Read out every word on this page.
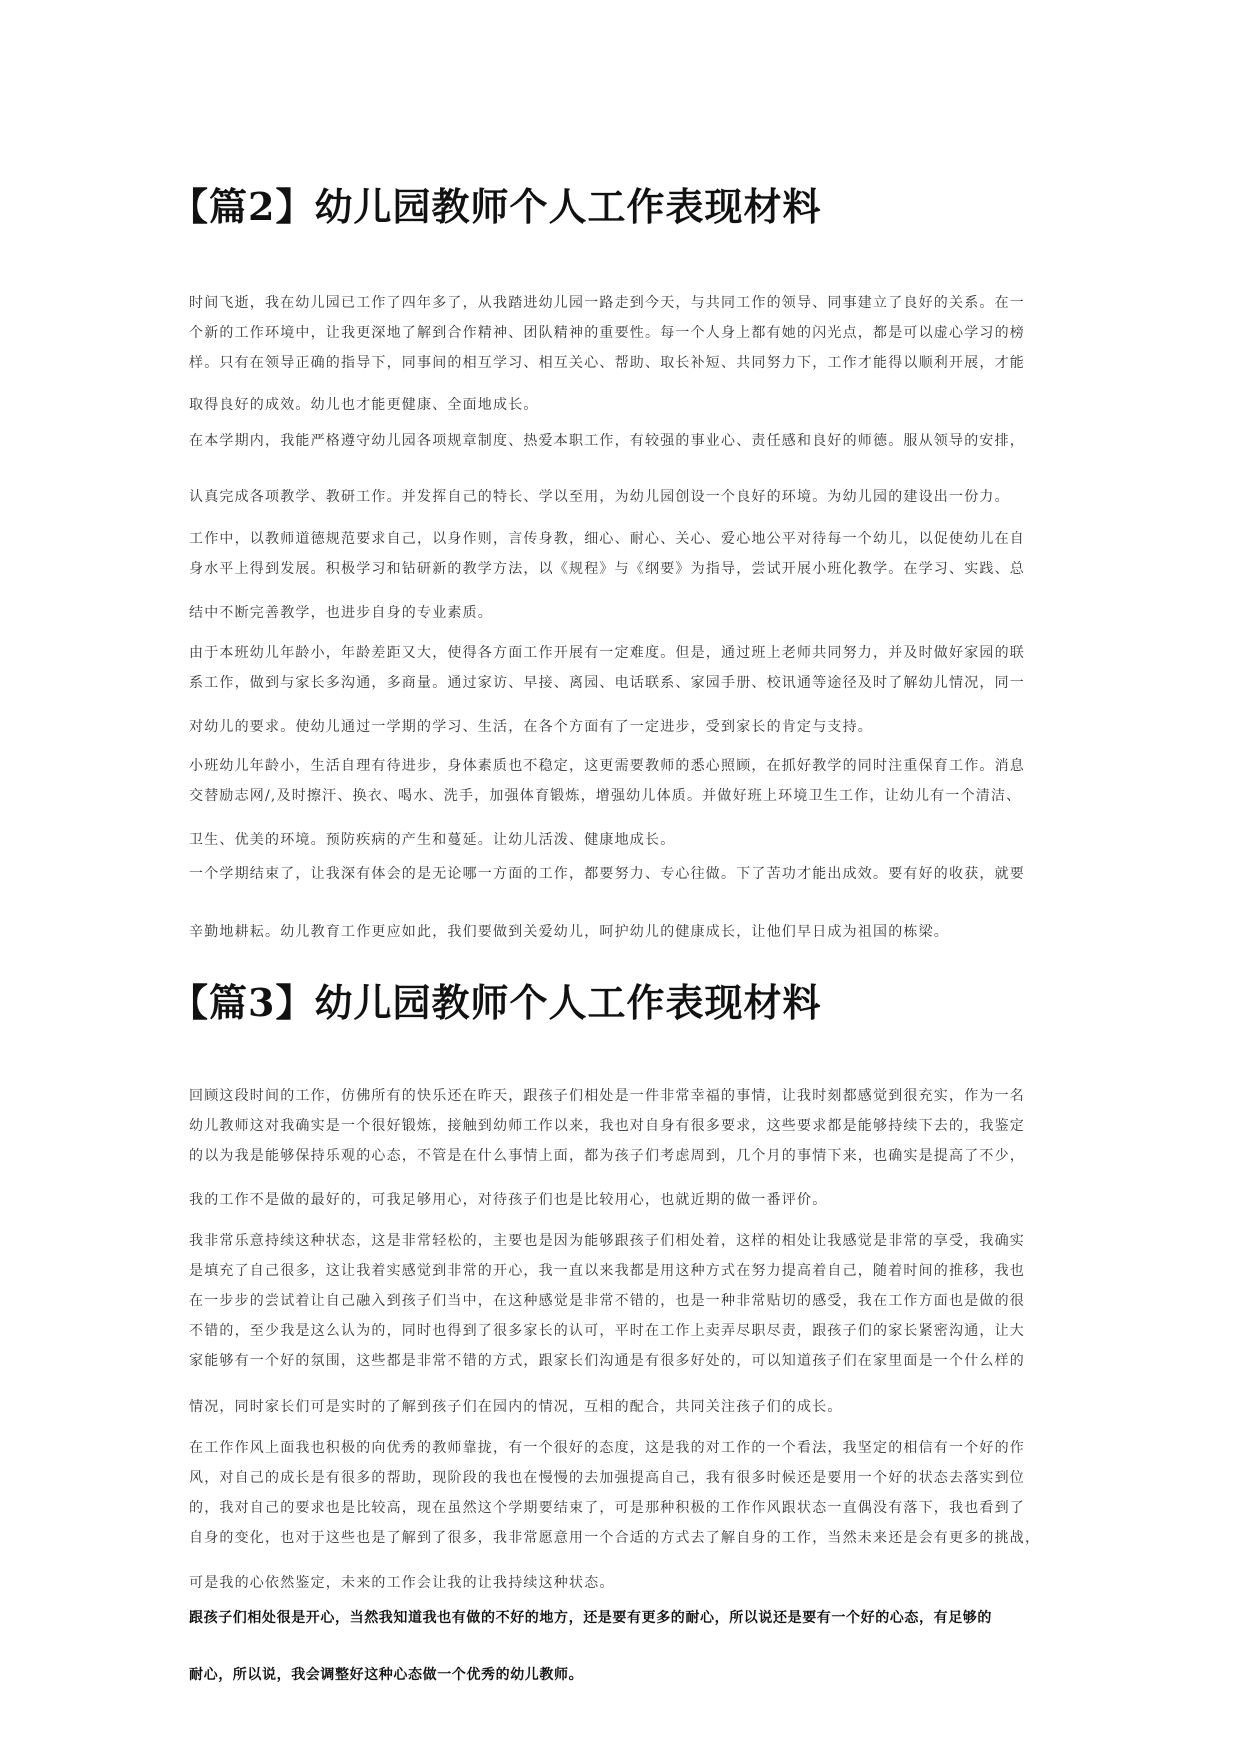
【篇2】幼儿园教师个人工作表现材料
时间飞逝，我在幼儿园已工作了四年多了，从我踏进幼儿园一路走到今天，与共同工作的领导、同事建立了良好的关系。在一
个新的工作环境中，让我更深地了解到合作精神、团队精神的重要性。每一个人身上都有她的闪光点，都是可以虚心学习的榜
样。只有在领导正确的指导下，同事间的相互学习、相互关心、帮助、取长补短、共同努力下，工作才能得以顺利开展，才能
取得良好的成效。幼儿也才能更健康、全面地成长。
在本学期内，我能严格遵守幼儿园各项规章制度、热爱本职工作，有较强的事业心、责任感和良好的师德。服从领导的安排，
认真完成各项教学、教研工作。并发挥自己的特长、学以至用，为幼儿园创设一个良好的环境。为幼儿园的建设出一份力。
工作中，以教师道德规范要求自己，以身作则，言传身教，细心、耐心、关心、爱心地公平对待每一个幼儿，以促使幼儿在自
身水平上得到发展。积极学习和钻研新的教学方法，以《规程》与《纲要》为指导，尝试开展小班化教学。在学习、实践、总
结中不断完善教学，也进步自身的专业素质。
由于本班幼儿年龄小，年龄差距又大，使得各方面工作开展有一定难度。但是，通过班上老师共同努力，并及时做好家园的联
系工作，做到与家长多沟通，多商量。通过家访、早接、离园、电话联系、家园手册、校讯通等途径及时了解幼儿情况，同一
对幼儿的要求。使幼儿通过一学期的学习、生活，在各个方面有了一定进步，受到家长的肯定与支持。
小班幼儿年龄小，生活自理有待进步，身体素质也不稳定，这更需要教师的悉心照顾，在抓好教学的同时注重保育工作。消息
交替励志网/,及时擦汗、换衣、喝水、洗手，加强体育锻炼，增强幼儿体质。并做好班上环境卫生工作，让幼儿有一个清洁、
卫生、优美的环境。预防疾病的产生和蔓延。让幼儿活泼、健康地成长。
一个学期结束了，让我深有体会的是无论哪一方面的工作，都要努力、专心往做。下了苦功才能出成效。要有好的收获，就要
辛勤地耕耘。幼儿教育工作更应如此，我们要做到关爱幼儿，呵护幼儿的健康成长，让他们早日成为祖国的栋梁。
【篇3】幼儿园教师个人工作表现材料
回顾这段时间的工作，仿佛所有的快乐还在昨天，跟孩子们相处是一件非常幸福的事情，让我时刻都感觉到很充实，作为一名
幼儿教师这对我确实是一个很好锻炼，接触到幼师工作以来，我也对自身有很多要求，这些要求都是能够持续下去的，我鉴定
的以为我是能够保持乐观的心态，不管是在什么事情上面，都为孩子们考虑周到，几个月的事情下来，也确实是提高了不少，
我的工作不是做的最好的，可我足够用心，对待孩子们也是比较用心，也就近期的做一番评价。
我非常乐意持续这种状态，这是非常轻松的，主要也是因为能够跟孩子们相处着，这样的相处让我感觉是非常的享受，我确实
是填充了自己很多，这让我着实感觉到非常的开心，我一直以来我都是用这种方式在努力提高着自己，随着时间的推移，我也
在一步步的尝试着让自己融入到孩子们当中，在这种感觉是非常不错的，也是一种非常贴切的感受，我在工作方面也是做的很
不错的，至少我是这么认为的，同时也得到了很多家长的认可，平时在工作上卖弄尽职尽责，跟孩子们的家长紧密沟通，让大
家能够有一个好的氛围，这些都是非常不错的方式，跟家长们沟通是有很多好处的，可以知道孩子们在家里面是一个什么样的
情况，同时家长们可是实时的了解到孩子们在园内的情况，互相的配合，共同关注孩子们的成长。
在工作作风上面我也积极的向优秀的教师靠拢，有一个很好的态度，这是我的对工作的一个看法，我坚定的相信有一个好的作
风，对自己的成长是有很多的帮助，现阶段的我也在慢慢的去加强提高自己，我有很多时候还是要用一个好的状态去落实到位
的，我对自己的要求也是比较高，现在虽然这个学期要结束了，可是那种积极的工作作风跟状态一直偶没有落下，我也看到了
自身的变化，也对于这些也是了解到了很多，我非常愿意用一个合适的方式去了解自身的工作，当然未来还是会有更多的挑战，
可是我的心依然鉴定，未来的工作会让我的让我持续这种状态。
跟孩子们相处很是开心，当然我知道我也有做的不好的地方，还是要有更多的耐心，所以说还是要有一个好的心态，有足够的
耐心，所以说，我会调整好这种心态做一个优秀的幼儿教师。
